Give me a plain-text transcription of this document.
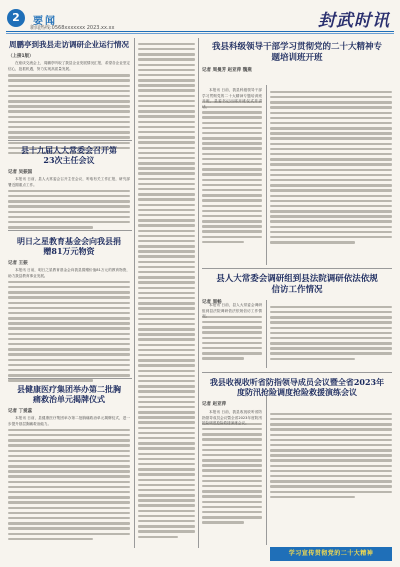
2	要闻
新闻热线:0568xxxxxxx 2023.xx.xx	封武时讯
周鹏亭到我县走访调研企业运行情况
（上接1版）
在座谈交流会上，周鹏亭听取了我县企业发展情况汇报，希望各企业坚定信心，抢抓机遇，努力实现高质量发展。
县十九届人大常委会召开第23次主任会议
记者 吴振国
本报讯 日前，县人大常委会召开主任会议，听取有关工作汇报，研究部署近期重点工作。
明日之星教育基金会向我县捐赠81万元物资
记者 王振
本报讯 日前，明日之星教育基金会向我县捐赠价值81万元的教育物资，助力我县教育事业发展。
县健康医疗集团举办第二批胸痛救治单元揭牌仪式
记者 丁爱蕊
本报讯 日前，县健康医疗集团举办第二批胸痛救治单元揭牌仪式，进一步提升基层胸痛救治能力。
我县科级领导干部学习贯彻党的二十大精神专题培训班开班
记者 周曼芳 赵亚萍 魏燕
本报讯 日前，我县科级领导干部学习贯彻党的二十大精神专题培训班开班，县委书记出席开班仪式并讲话。
县人大常委会调研组到县法院调研依法依规信访工作情况
记者 周畅
本报讯 日前，县人大常委会调研组到县法院调研依法依规信访工作情况。
我县收视收听省防指领导成员会议暨全省2023年度防汛抢险调度抢险救援演练会议
记者 赵亚萍
本报讯 日前，我县收视收听省防指领导成员会议暨全省2023年度防汛抢险调度抢险救援演练会议。
学习宣传贯彻党的二十大精神
